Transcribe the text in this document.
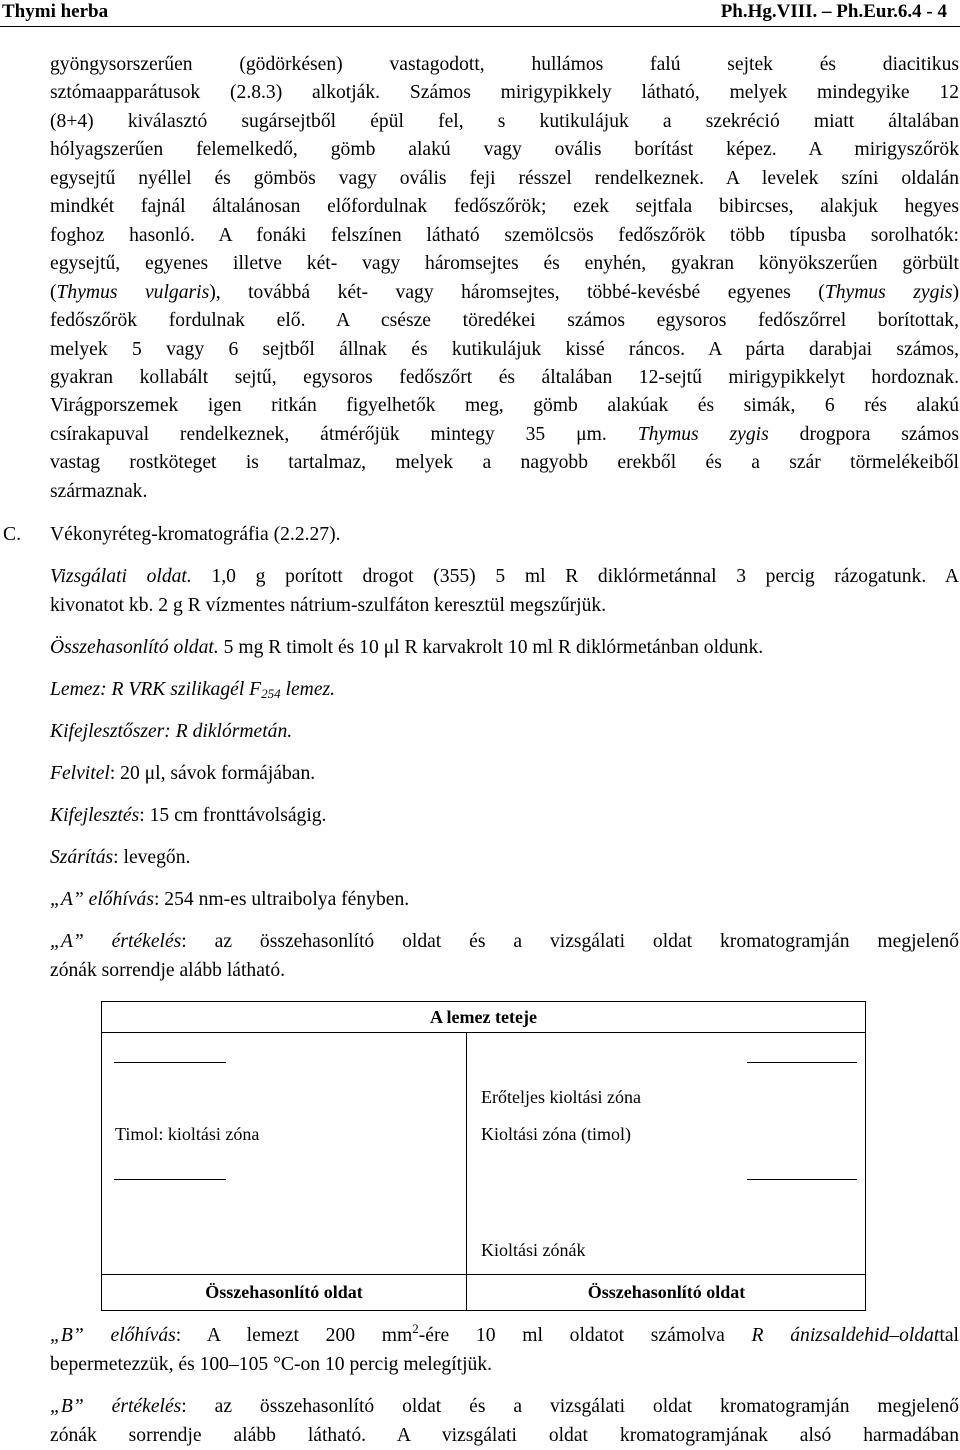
Thymi herba	Ph.Hg.VIII. – Ph.Eur.6.4 - 4
gyöngysorszerűen (gödörkésen) vastagodott, hullámos falú sejtek és diacitikus
sztómaapparátusok (2.8.3) alkotják. Számos mirigypikkely látható, melyek mindegyike 12
(8+4) kiválasztó sugársejtből épül fel, s kutikulájuk a szekréció miatt általában
hólyagszerűen felemelkedő, gömb alakú vagy ovális borítást képez. A mirigyszőrök
egysejtű nyéllel és gömbös vagy ovális feji résszel rendelkeznek. A levelek színi oldalán
mindkét fajnál általánosan előfordulnak fedőszőrök; ezek sejtfala bibircses, alakjuk hegyes
foghoz hasonló. A fonáki felszínen látható szemölcsös fedőszőrök több típusba sorolhatók:
egysejtű, egyenes illetve két- vagy háromsejtes és enyhén, gyakran könyökszerűen görbült
(Thymus vulgaris), továbbá két- vagy háromsejtes, többé-kevésbé egyenes (Thymus zygis)
fedőszőrök fordulnak elő. A csésze töredékei számos egysoros fedőszőrrel borítottak,
melyek 5 vagy 6 sejtből állnak és kutikulájuk kissé ráncos. A párta darabjai számos,
gyakran kollabált sejtű, egysoros fedőszőrt és általában 12-sejtű mirigypikkelyt hordoznak.
Virágporszemek igen ritkán figyelhetők meg, gömb alakúak és simák, 6 rés alakú
csírakapuval rendelkeznek, átmérőjük mintegy 35 μm. Thymus zygis drogpora számos
vastag rostköteget is tartalmaz, melyek a nagyobb erekből és a szár törmelékeiből
származnak.
C. Vékonyréteg-kromatográfia (2.2.27).
Vizsgálati oldat. 1,0 g porított drogot (355) 5 ml R diklórmetánnal 3 percig rázogatunk. A
kivonatot kb. 2 g R vízmentes nátrium-szulfáton keresztül megszűrjük.
Összehasonlító oldat. 5 mg R timolt és 10 μl R karvakrolt 10 ml R diklórmetánban oldunk.
Lemez: R VRK szilikagél $F_{254}$ lemez.
Kifejlesztőszer: R diklórmetán.
Felvitel: 20 μl, sávok formájában.
Kifejlesztés: 15 cm fronttávolságig.
Szárítás: levegőn.
„A” előhívás: 254 nm-es ultraibolya fényben.
„A” értékelés: az összehasonlító oldat és a vizsgálati oldat kromatogramján megjelenő
zónák sorrendje alább látható.
A lemez teteje
Timol: kioltási zóna
Erőteljes kioltási zóna
Kioltási zóna (timol)
Kioltási zónák
Összehasonlító oldat	Összehasonlító oldat
„B” előhívás: A lemezt 200 $mm^2$-ére 10 ml oldatot számolva R ánizsaldehid–oldattal
bepermetezzük, és 100–105 °C-on 10 percig melegítjük.
„B” értékelés: az összehasonlító oldat és a vizsgálati oldat kromatogramján megjelenő
zónák sorrendje alább látható. A vizsgálati oldat kromatogramjának alsó harmadában
